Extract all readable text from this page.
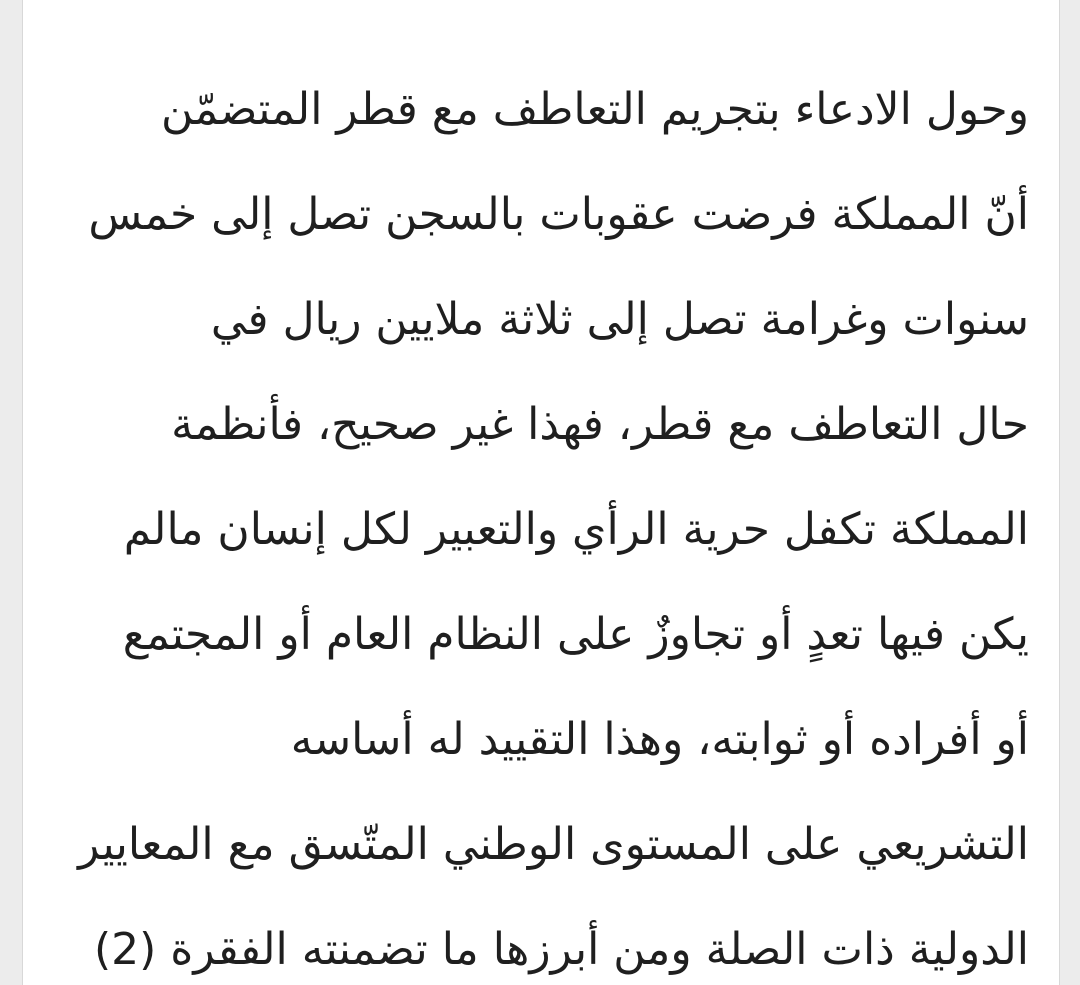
وحول الادعاء بتجريم التعاطف مع قطر المتضمّن
أنّ المملكة فرضت عقوبات بالسجن تصل إلى خمس
سنوات وغرامة تصل إلى ثلاثة ملايين ريال في
حال التعاطف مع قطر، فهذا غير صحيح، فأنظمة
المملكة تكفل حرية الرأي والتعبير لكل إنسان مالم
يكن فيها تعدٍ أو تجاوزٌ على النظام العام أو المجتمع
أو أفراده أو ثوابته، وهذا التقييد له أساسه
التشريعي على المستوى الوطني المتّسق مع المعايير
الدولية ذات الصلة ومن أبرزها ما تضمنته الفقرة (2)
